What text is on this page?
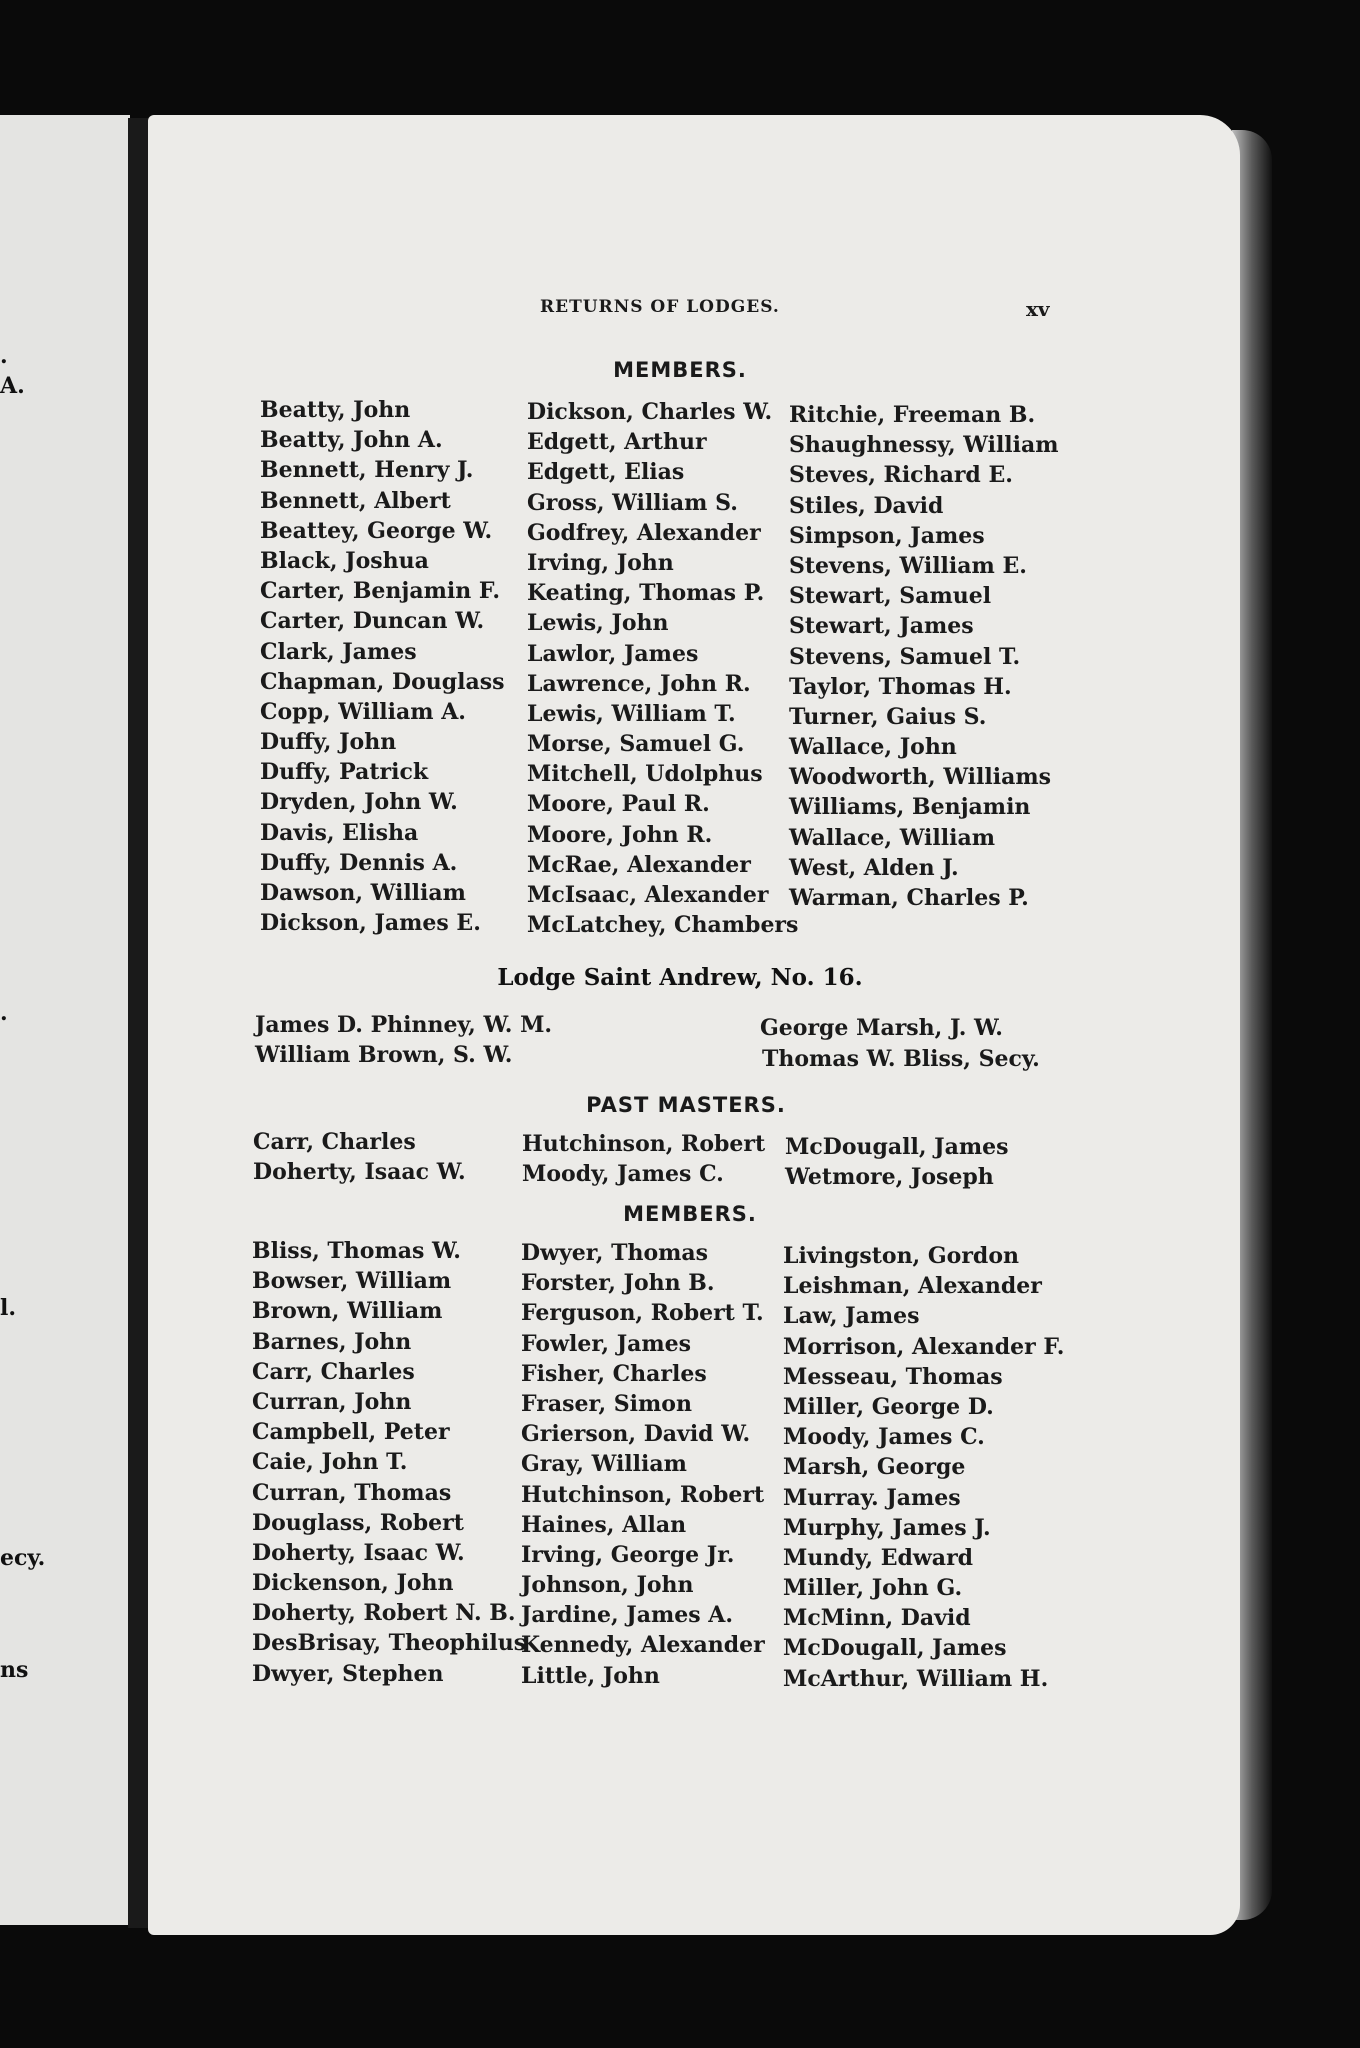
.
A.
.
l.
ecy.
ns
RETURNS OF LODGES.	xv
MEMBERS.
Beatty, John
Beatty, John A.
Bennett, Henry J.
Bennett, Albert
Beattey, George W.
Black, Joshua
Carter, Benjamin F.
Carter, Duncan W.
Clark, James
Chapman, Douglass
Copp, William A.
Duffy, John
Duffy, Patrick
Dryden, John W.
Davis, Elisha
Duffy, Dennis A.
Dawson, William
Dickson, James E.
Dickson, Charles W.
Edgett, Arthur
Edgett, Elias
Gross, William S.
Godfrey, Alexander
Irving, John
Keating, Thomas P.
Lewis, John
Lawlor, James
Lawrence, John R.
Lewis, William T.
Morse, Samuel G.
Mitchell, Udolphus
Moore, Paul R.
Moore, John R.
McRae, Alexander
McIsaac, Alexander
McLatchey, Chambers
Ritchie, Freeman B.
Shaughnessy, William
Steves, Richard E.
Stiles, David
Simpson, James
Stevens, William E.
Stewart, Samuel
Stewart, James
Stevens, Samuel T.
Taylor, Thomas H.
Turner, Gaius S.
Wallace, John
Woodworth, Williams
Williams, Benjamin
Wallace, William
West, Alden J.
Warman, Charles P.
Lodge Saint Andrew, No. 16.
James D. Phinney, W. M.
William Brown, S. W.
George Marsh, J. W.
Thomas W. Bliss, Secy.
PAST MASTERS.
Carr, Charles
Doherty, Isaac W.
Hutchinson, Robert
Moody, James C.
McDougall, James
Wetmore, Joseph
MEMBERS.
Bliss, Thomas W.
Bowser, William
Brown, William
Barnes, John
Carr, Charles
Curran, John
Campbell, Peter
Caie, John T.
Curran, Thomas
Douglass, Robert
Doherty, Isaac W.
Dickenson, John
Doherty, Robert N. B.
DesBrisay, Theophilus
Dwyer, Stephen
Dwyer, Thomas
Forster, John B.
Ferguson, Robert T.
Fowler, James
Fisher, Charles
Fraser, Simon
Grierson, David W.
Gray, William
Hutchinson, Robert
Haines, Allan
Irving, George Jr.
Johnson, John
Jardine, James A.
Kennedy, Alexander
Little, John
Livingston, Gordon
Leishman, Alexander
Law, James
Morrison, Alexander F.
Messeau, Thomas
Miller, George D.
Moody, James C.
Marsh, George
Murray. James
Murphy, James J.
Mundy, Edward
Miller, John G.
McMinn, David
McDougall, James
McArthur, William H.
